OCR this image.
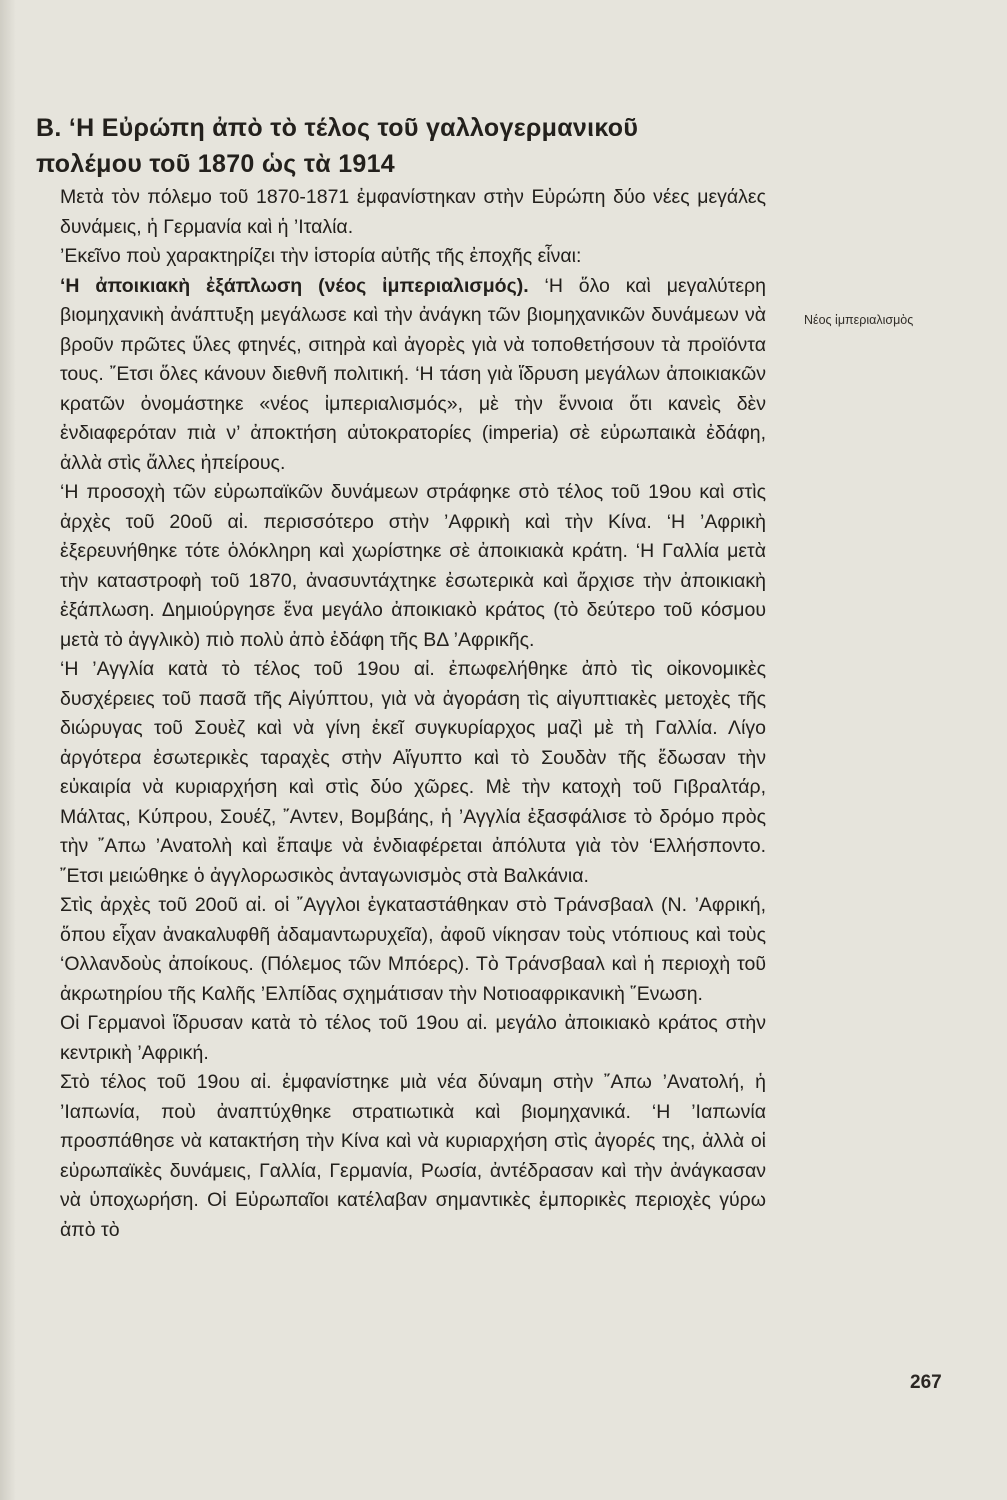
B. ‘Η Εὐρώπη ἀπὸ τὸ τέλος τοῦ γαλλογερμανικοῦ
πολέμου τοῦ 1870 ὡς τὰ 1914

Μετὰ τὸν πόλεμο τοῦ 1870-1871 ἐμφανίστηκαν στὴν Εὐρώπη δύο νέες μεγάλες δυνάμεις, ἡ Γερμανία καὶ ἡ ’Ιταλία.

’Εκεῖνο ποὺ χαρακτηρίζει τὴν ἱστορία αὐτῆς τῆς ἐποχῆς εἶναι:

‘Η ἀποικιακὴ ἐξάπλωση (νέος ἰμπεριαλισμός). ‘Η ὅλο καὶ μεγαλύτερη βιομηχανικὴ ἀνάπτυξη μεγάλωσε καὶ τὴν ἀνάγκη τῶν βιομηχανικῶν δυνάμεων νὰ βροῦν πρῶτες ὕλες φτηνές, σιτηρὰ καὶ ἀγορὲς γιὰ νὰ τοποθετήσουν τὰ προϊόντα τους. ῎Ετσι ὅλες κάνουν διεθνῆ πολιτική. ‘Η τάση γιὰ ἵδρυση μεγάλων ἀποικιακῶν κρατῶν ὀνομάστηκε «νέος ἰμπεριαλισμός», μὲ τὴν ἔννοια ὅτι κανεὶς δὲν ἐνδιαφερόταν πιὰ ν’ ἀποκτήση αὐτοκρατορίες (imperia) σὲ εὐρωπαικὰ ἐδάφη, ἀλλὰ στὶς ἄλλες ἠπείρους.

‘Η προσοχὴ τῶν εὐρωπαϊκῶν δυνάμεων στράφηκε στὸ τέλος τοῦ 19ου καὶ στὶς ἀρχὲς τοῦ 20οῦ αἰ. περισσότερο στὴν ’Αφρικὴ καὶ τὴν Κίνα. ‘Η ’Αφρικὴ ἐξερευνήθηκε τότε ὁλόκληρη καὶ χωρίστηκε σὲ ἀποικιακὰ κράτη. ‘Η Γαλλία μετὰ τὴν καταστροφὴ τοῦ 1870, ἀνασυντάχτηκε ἐσωτερικὰ καὶ ἄρχισε τὴν ἀποικιακὴ ἐξάπλωση. Δημιούργησε ἕνα μεγάλο ἀποικιακὸ κράτος (τὸ δεύτερο τοῦ κόσμου μετὰ τὸ ἀγγλικὸ) πιὸ πολὺ ἀπὸ ἐδάφη τῆς ΒΔ ’Αφρικῆς.

‘Η ’Αγγλία κατὰ τὸ τέλος τοῦ 19ου αἰ. ἐπωφελήθηκε ἀπὸ τὶς οἰκονομικὲς δυσχέρειες τοῦ πασᾶ τῆς Αἰγύπτου, γιὰ νὰ ἀγοράση τὶς αἰγυπτιακὲς μετοχὲς τῆς διώρυγας τοῦ Σουὲζ καὶ νὰ γίνη ἐκεῖ συγκυρίαρχος μαζὶ μὲ τὴ Γαλλία. Λίγο ἀργότερα ἐσωτερικὲς ταραχὲς στὴν Αἴγυπτο καὶ τὸ Σουδὰν τῆς ἔδωσαν τὴν εὐκαιρία νὰ κυριαρχήση καὶ στὶς δύο χῶρες. Μὲ τὴν κατοχὴ τοῦ Γιβραλτάρ, Μάλτας, Κύπρου, Σουέζ, ῎Αντεν, Βομβάης, ἡ ’Αγγλία ἐξασφάλισε τὸ δρόμο πρὸς τὴν ῎Απω ’Ανατολὴ καὶ ἔπαψε νὰ ἐνδιαφέρεται ἀπόλυτα γιὰ τὸν ‘Ελλήσποντο. ῎Ετσι μειώθηκε ὁ ἀγγλορωσικὸς ἀνταγωνισμὸς στὰ Βαλκάνια.

Στὶς ἀρχὲς τοῦ 20οῦ αἰ. οἱ ῎Αγγλοι ἐγκαταστάθηκαν στὸ Τράνσβααλ (Ν. ’Αφρική, ὅπου εἶχαν ἀνακαλυφθῆ ἀδαμαντωρυχεῖα), ἀφοῦ νίκησαν τοὺς ντόπιους καὶ τοὺς ‘Ολλανδοὺς ἀποίκους. (Πόλεμος τῶν Μπόερς). Τὸ Τράνσβααλ καὶ ἡ περιοχὴ τοῦ ἀκρωτηρίου τῆς Καλῆς ’Ελπίδας σχημάτισαν τὴν Νοτιοαφρικανικὴ ῞Ενωση.

Οἱ Γερμανοὶ ἵδρυσαν κατὰ τὸ τέλος τοῦ 19ου αἰ. μεγάλο ἀποικιακὸ κράτος στὴν κεντρικὴ ’Αφρική.

Στὸ τέλος τοῦ 19ου αἰ. ἐμφανίστηκε μιὰ νέα δύναμη στὴν ῎Απω ’Ανατολή, ἡ ’Ιαπωνία, ποὺ ἀναπτύχθηκε στρατιωτικὰ καὶ βιομηχανικά. ‘Η ’Ιαπωνία προσπάθησε νὰ κατακτήση τὴν Κίνα καὶ νὰ κυριαρχήση στὶς ἀγορές της, ἀλλὰ οἱ εὐρωπαϊκὲς δυνάμεις, Γαλλία, Γερμανία, Ρωσία, ἀντέδρασαν καὶ τὴν ἀνάγκασαν νὰ ὑποχωρήση. Οἱ Εὐρωπαῖοι κατέλαβαν σημαντικὲς ἐμπορικὲς περιοχὲς γύρω ἀπὸ τὸ

Νέος ἰμπεριαλισμὸς
267
